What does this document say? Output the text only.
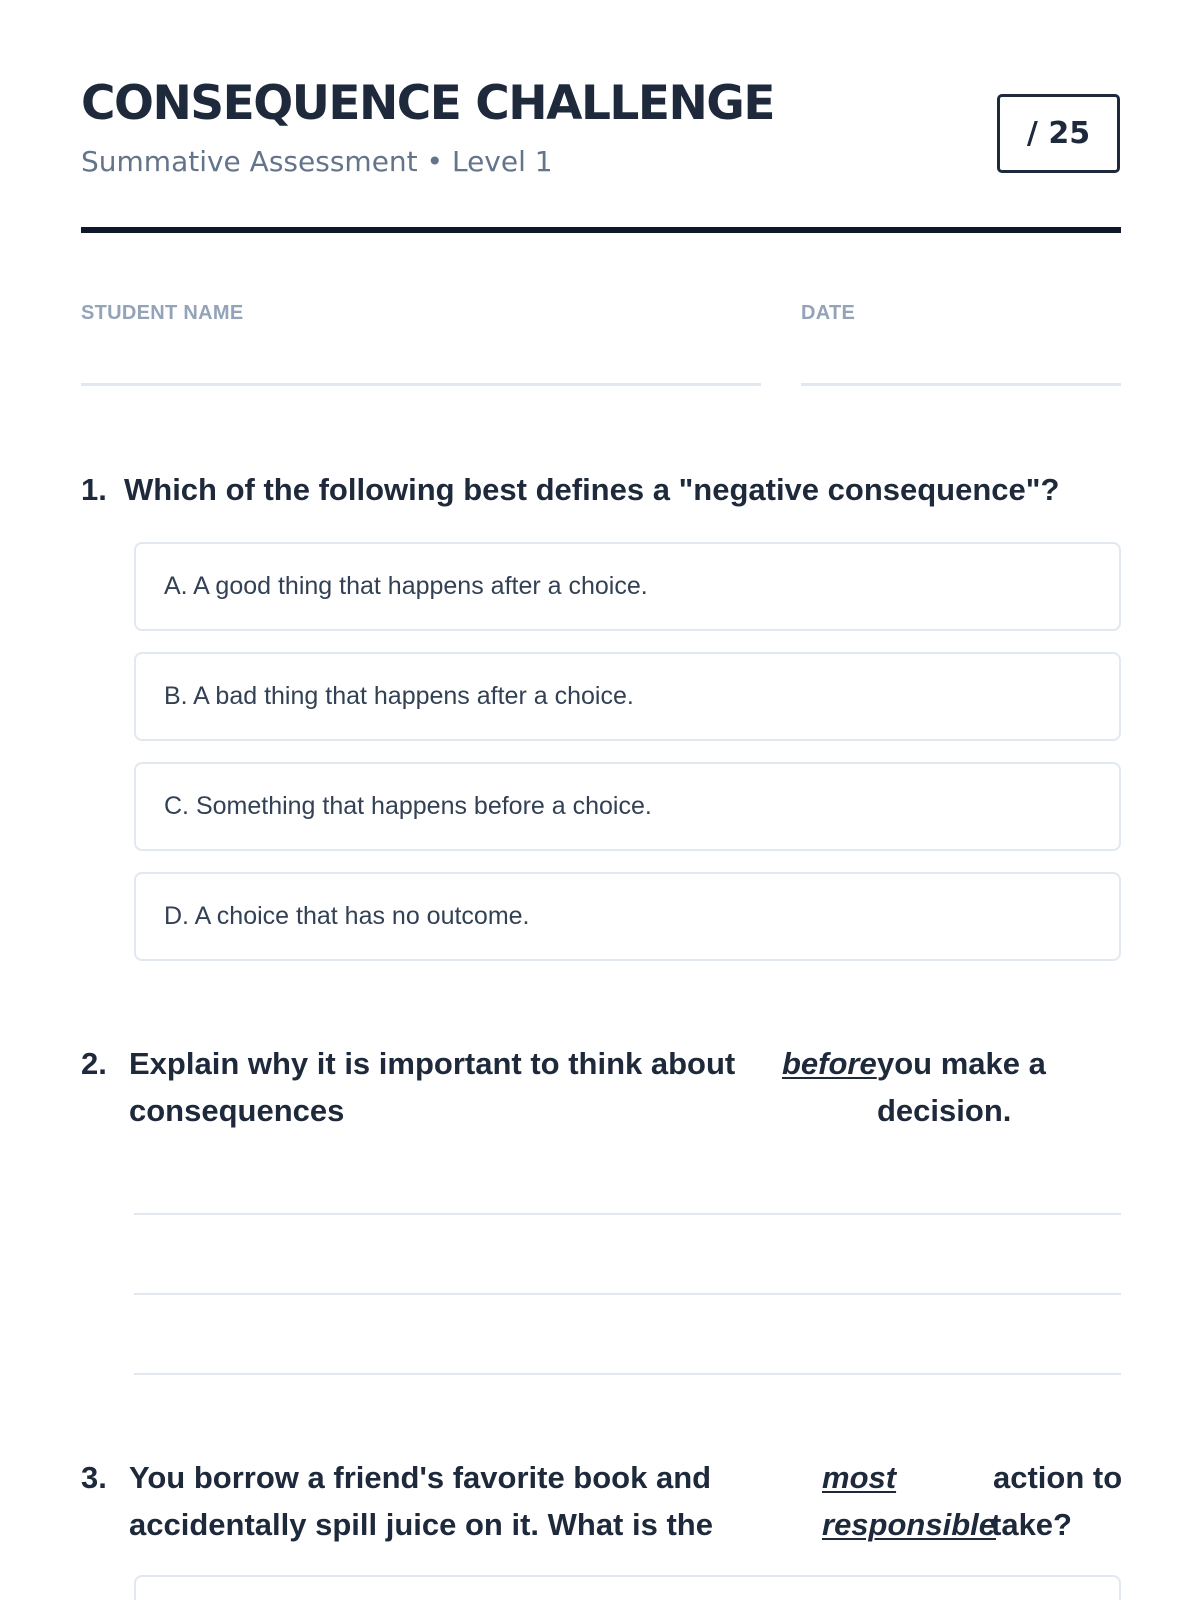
CONSEQUENCE CHALLENGE
Summative Assessment • Level 1
/ 25
STUDENT NAME	DATE
1. Which of the following best defines a "negative consequence"?
A. A good thing that happens after a choice.
B. A bad thing that happens after a choice.
C. Something that happens before a choice.
D. A choice that has no outcome.
2. Explain why it is important to think about
consequences
before you make a
decision.
3. You borrow a friend's favorite book and
accidentally spill juice on it. What is the
most
responsible
action to
take?
